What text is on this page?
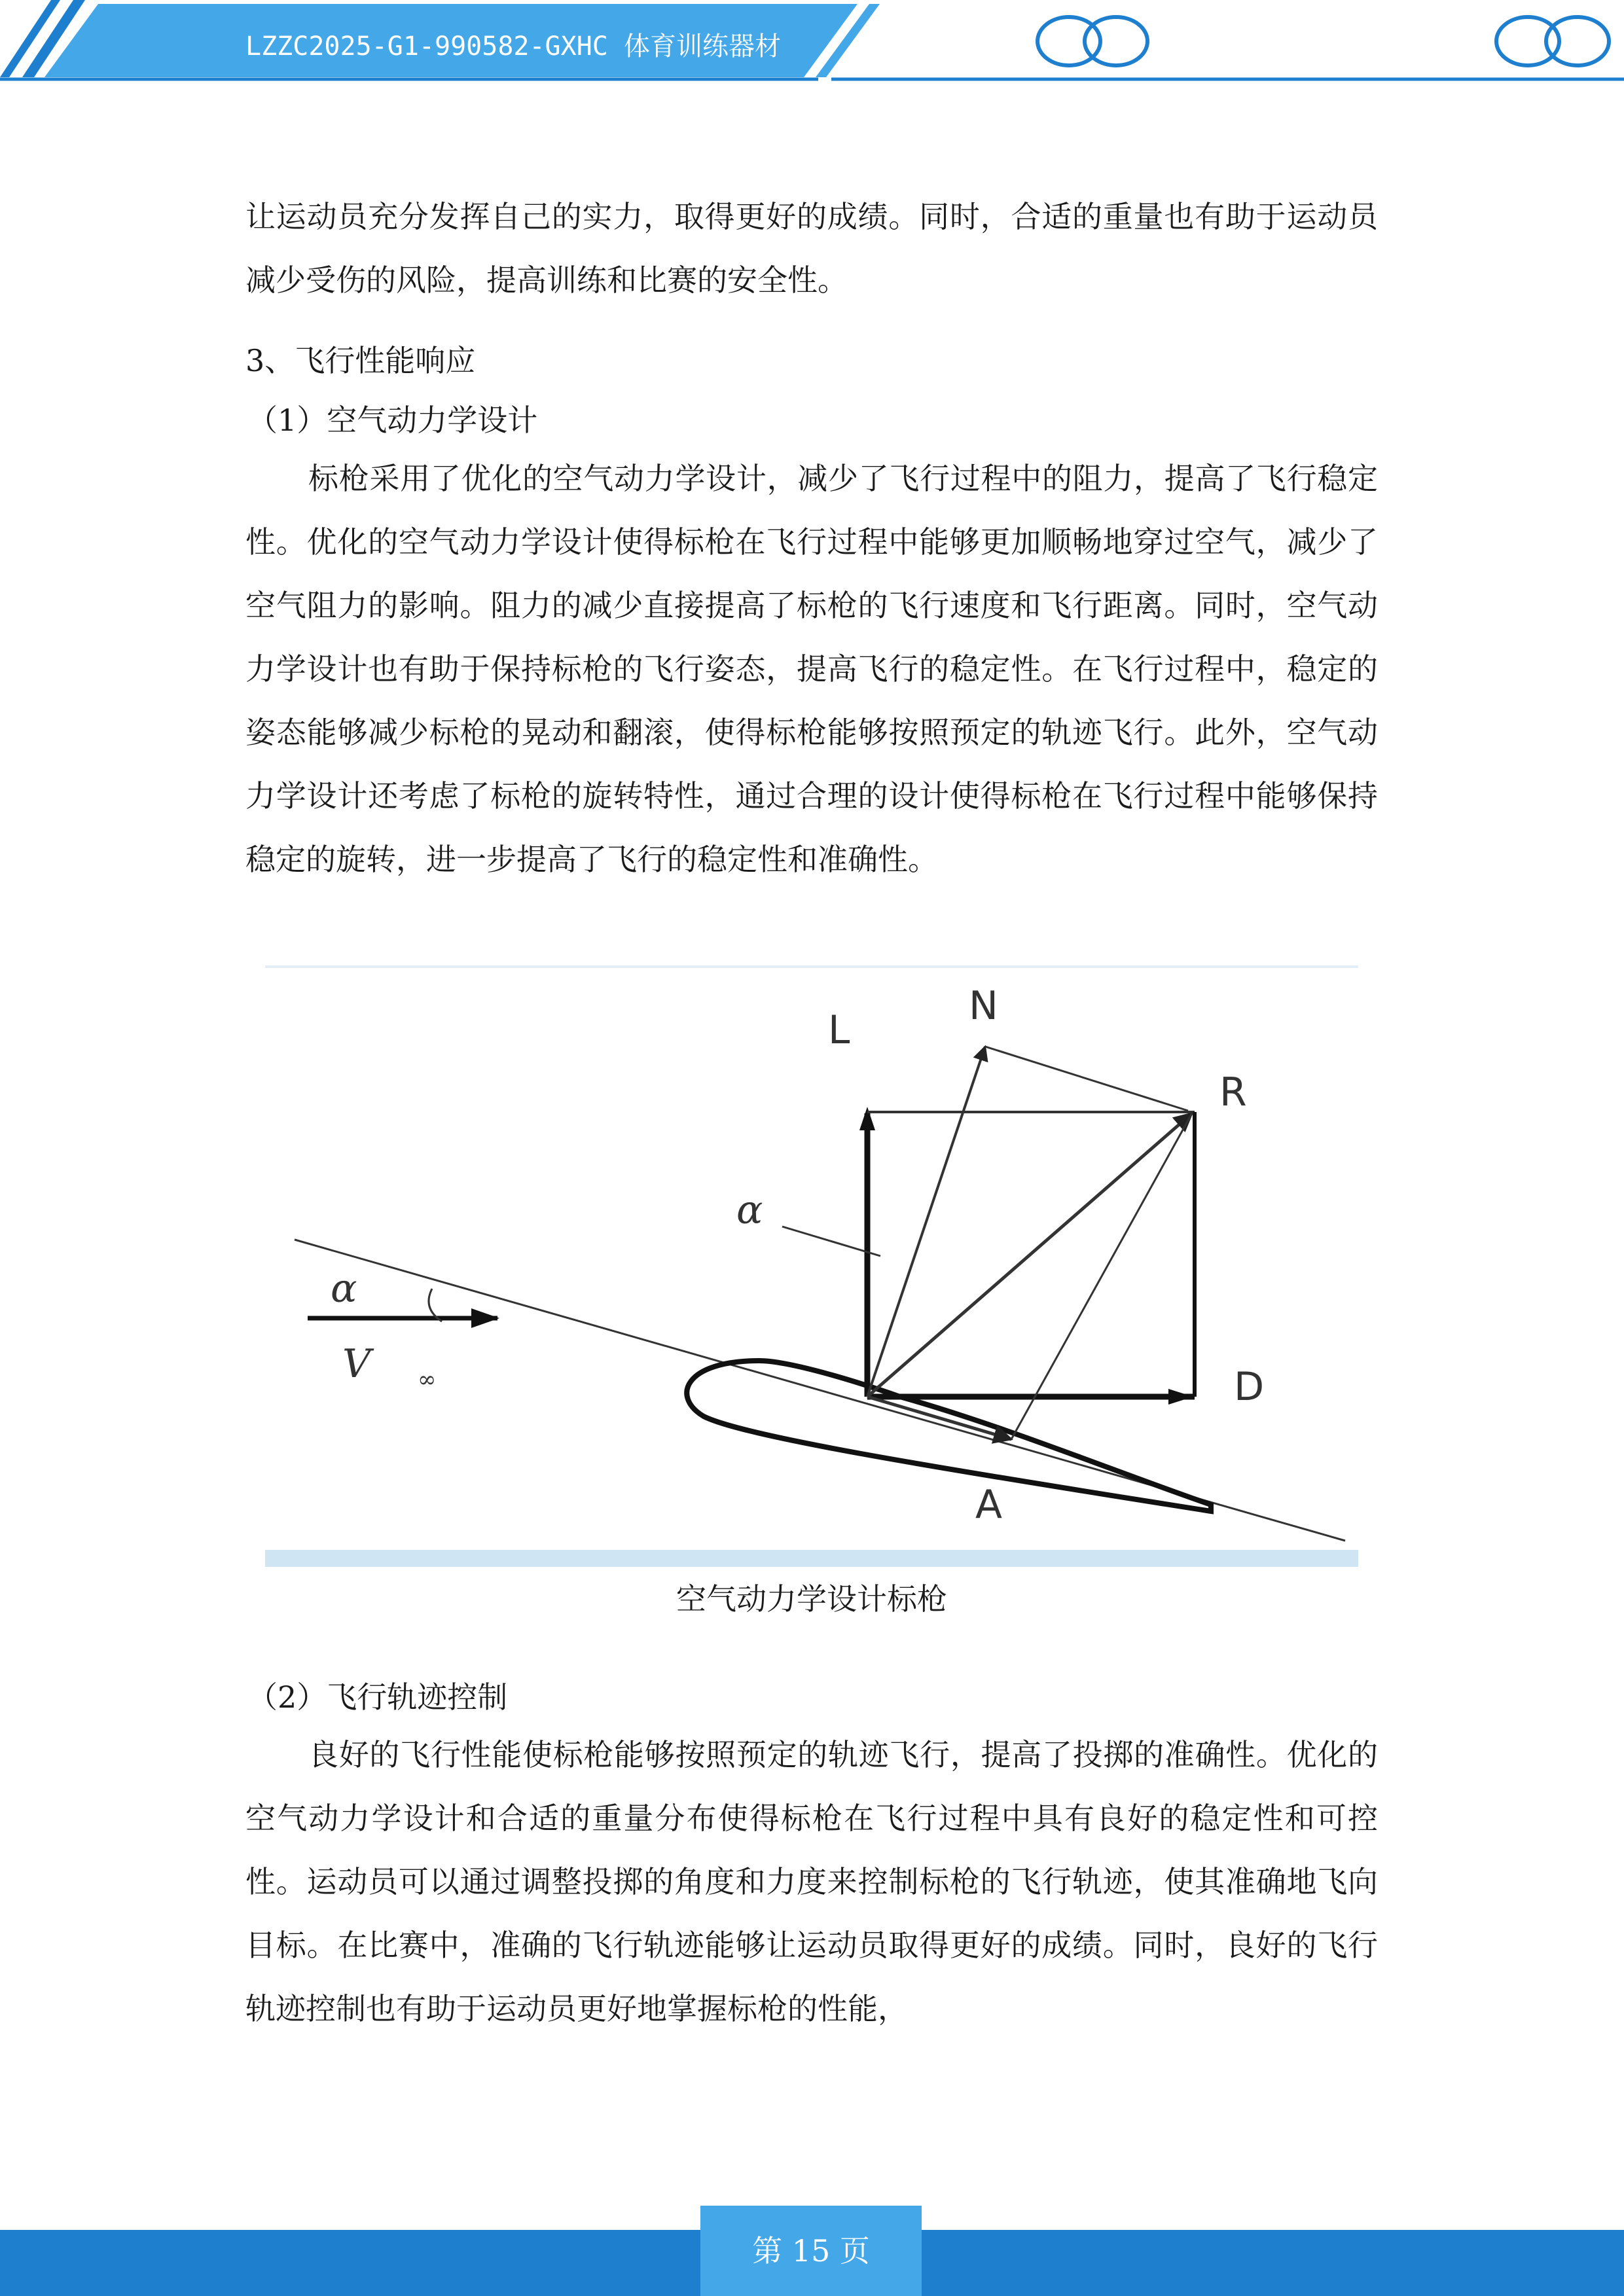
LZZC2025-G1-990582-GXHC 体育训练器材

让运动员充分发挥自己的实力，取得更好的成绩。同时，合适的重量也有助于运动员减少受伤的风险，提高训练和比赛的安全性。

3、飞行性能响应

（1）空气动力学设计

标枪采用了优化的空气动力学设计，减少了飞行过程中的阻力，提高了飞行稳定性。优化的空气动力学设计使得标枪在飞行过程中能够更加顺畅地穿过空气，减少了空气阻力的影响。阻力的减少直接提高了标枪的飞行速度和飞行距离。同时，空气动力学设计也有助于保持标枪的飞行姿态，提高飞行的稳定性。在飞行过程中，稳定的姿态能够减少标枪的晃动和翻滚，使得标枪能够按照预定的轨迹飞行。此外，空气动力学设计还考虑了标枪的旋转特性，通过合理的设计使得标枪在飞行过程中能够保持稳定的旋转，进一步提高了飞行的稳定性和准确性。

∞
N
L
R
D
A
α
α
V
空气动力学设计标枪

（2）飞行轨迹控制

良好的飞行性能使标枪能够按照预定的轨迹飞行，提高了投掷的准确性。优化的空气动力学设计和合适的重量分布使得标枪在飞行过程中具有良好的稳定性和可控性。运动员可以通过调整投掷的角度和力度来控制标枪的飞行轨迹，使其准确地飞向目标。在比赛中，准确的飞行轨迹能够让运动员取得更好的成绩。同时，良好的飞行轨迹控制也有助于运动员更好地掌握标枪的性能，

第 15 页
